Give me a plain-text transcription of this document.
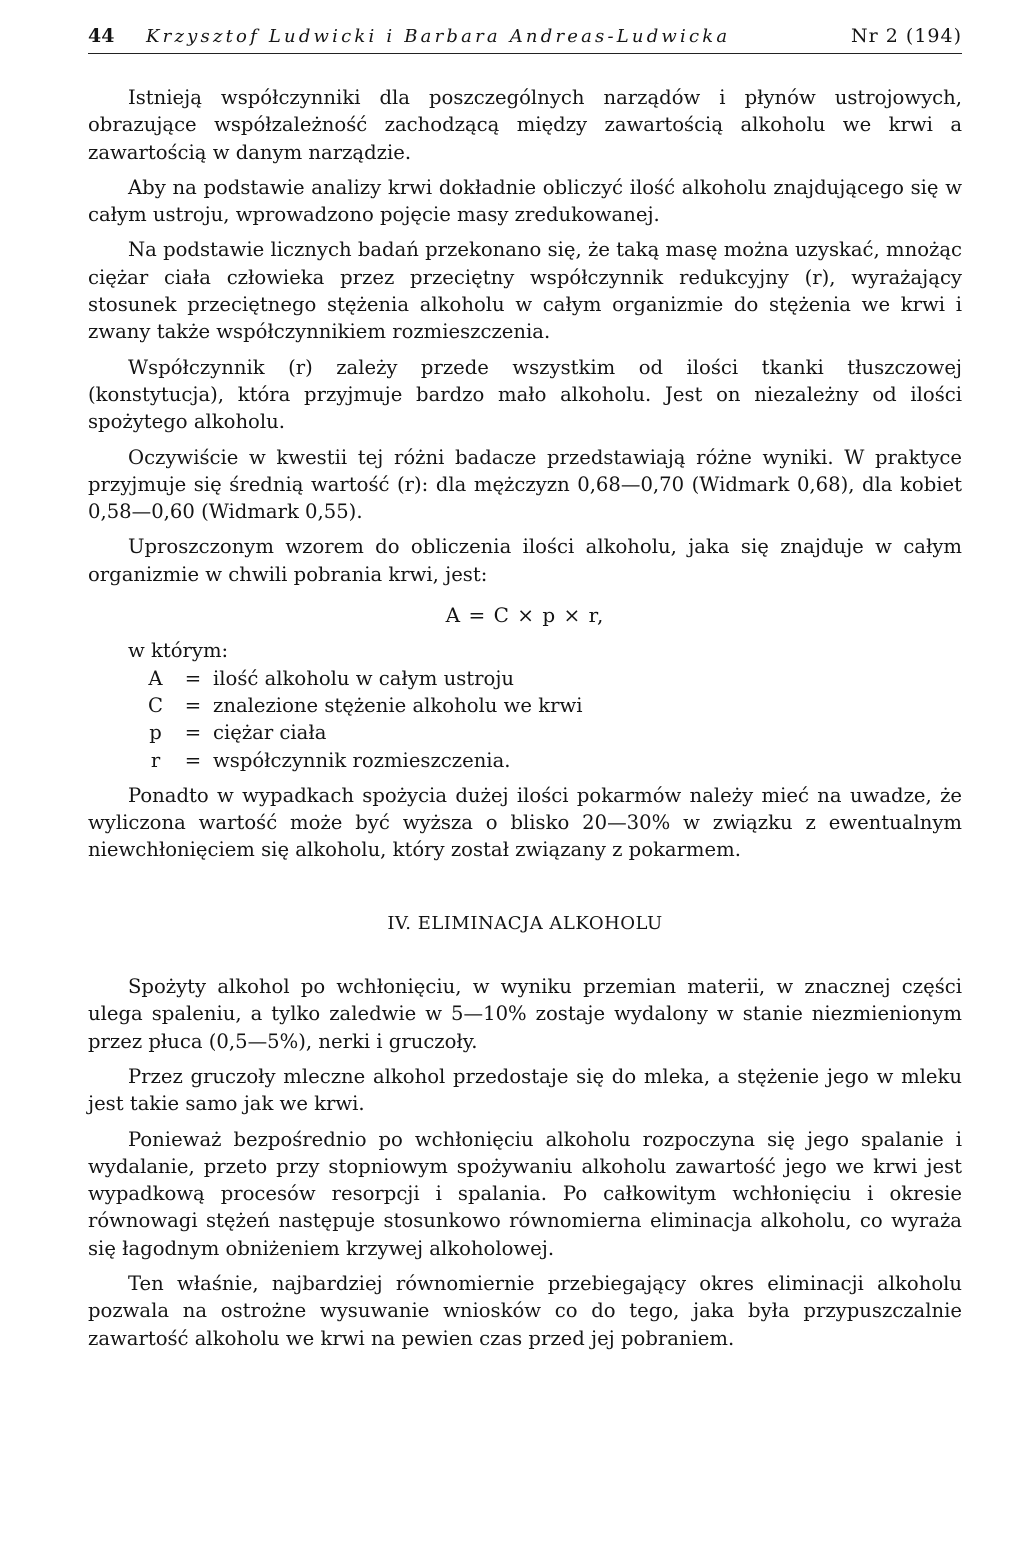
44	Krzysztof Ludwicki i Barbara Andreas-Ludwicka	Nr 2 (194)

Istnieją współczynniki dla poszczególnych narządów i płynów ustrojowych, obrazujące współzależność zachodzącą między zawartością alkoholu we krwi a zawartością w danym narządzie.

Aby na podstawie analizy krwi dokładnie obliczyć ilość alkoholu znajdującego się w całym ustroju, wprowadzono pojęcie masy zredukowanej.

Na podstawie licznych badań przekonano się, że taką masę można uzyskać, mnożąc ciężar ciała człowieka przez przeciętny współczynnik redukcyjny (r), wyrażający stosunek przeciętnego stężenia alkoholu w całym organizmie do stężenia we krwi i zwany także współczynnikiem rozmieszczenia.

Współczynnik (r) zależy przede wszystkim od ilości tkanki tłuszczowej (konstytucja), która przyjmuje bardzo mało alkoholu. Jest on niezależny od ilości spożytego alkoholu.

Oczywiście w kwestii tej różni badacze przedstawiają różne wyniki. W praktyce przyjmuje się średnią wartość (r): dla mężczyzn 0,68—0,70 (Widmark 0,68), dla kobiet 0,58—0,60 (Widmark 0,55).

Uproszczonym wzorem do obliczenia ilości alkoholu, jaka się znajduje w całym organizmie w chwili pobrania krwi, jest:

A = C × p × r,

w którym:

A	= ilość alkoholu w całym ustroju
C	= znalezione stężenie alkoholu we krwi
p	= ciężar ciała
r	= współczynnik rozmieszczenia.

Ponadto w wypadkach spożycia dużej ilości pokarmów należy mieć na uwadze, że wyliczona wartość może być wyższa o blisko 20—30% w związku z ewentualnym niewchłonięciem się alkoholu, który został związany z pokarmem.

IV. ELIMINACJA ALKOHOLU

Spożyty alkohol po wchłonięciu, w wyniku przemian materii, w znacznej części ulega spaleniu, a tylko zaledwie w 5—10% zostaje wydalony w stanie niezmienionym przez płuca (0,5—5%), nerki i gruczoły.

Przez gruczoły mleczne alkohol przedostaje się do mleka, a stężenie jego w mleku jest takie samo jak we krwi.

Ponieważ bezpośrednio po wchłonięciu alkoholu rozpoczyna się jego spalanie i wydalanie, przeto przy stopniowym spożywaniu alkoholu zawartość jego we krwi jest wypadkową procesów resorpcji i spalania. Po całkowitym wchłonięciu i okresie równowagi stężeń następuje stosunkowo równomierna eliminacja alkoholu, co wyraża się łagodnym obniżeniem krzywej alkoholowej.

Ten właśnie, najbardziej równomiernie przebiegający okres eliminacji alkoholu pozwala na ostrożne wysuwanie wniosków co do tego, jaka była przypuszczalnie zawartość alkoholu we krwi na pewien czas przed jej pobraniem.
